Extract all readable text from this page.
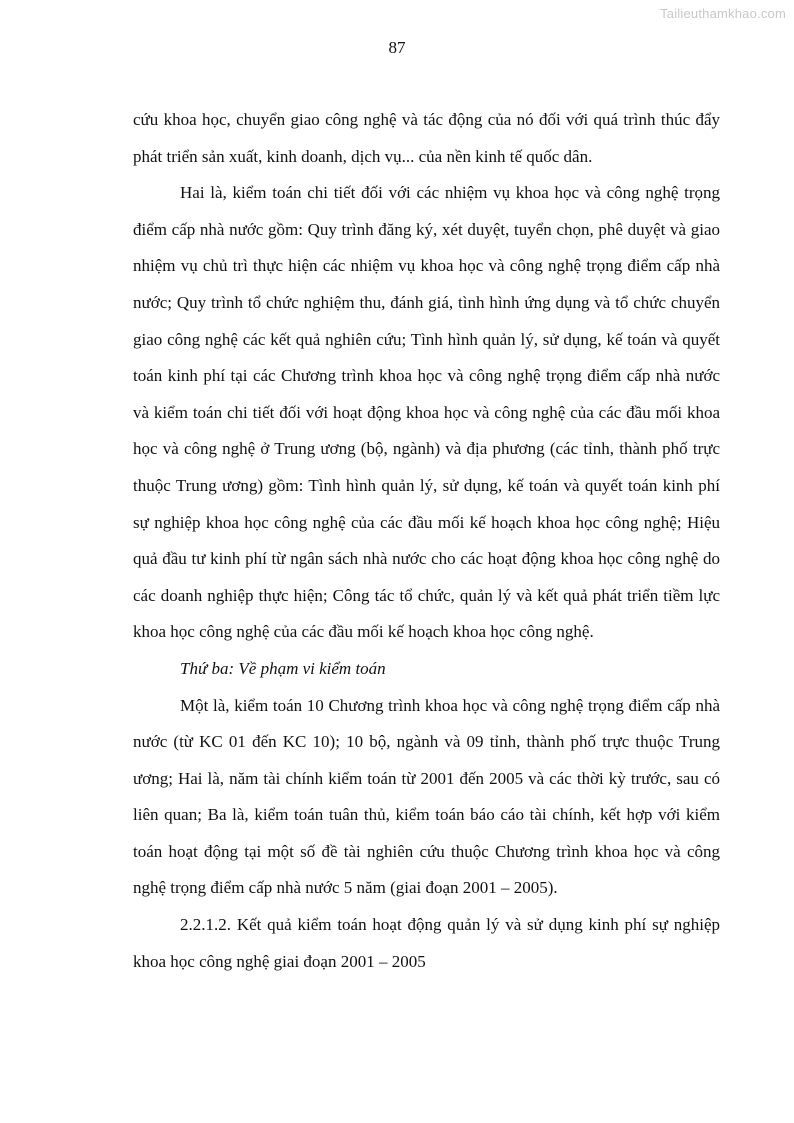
Tailieuthamkhao.com
87

cứu khoa học, chuyển giao công nghệ và tác động của nó đối với quá trình thúc đẩy phát triển sản xuất, kinh doanh, dịch vụ... của nền kinh tế quốc dân.

Hai là, kiểm toán chi tiết đối với các nhiệm vụ khoa học và công nghệ trọng điểm cấp nhà nước gồm: Quy trình đăng ký, xét duyệt, tuyển chọn, phê duyệt và giao nhiệm vụ chủ trì thực hiện các nhiệm vụ khoa học và công nghệ trọng điểm cấp nhà nước; Quy trình tổ chức nghiệm thu, đánh giá, tình hình ứng dụng và tổ chức chuyển giao công nghệ các kết quả nghiên cứu; Tình hình quản lý, sử dụng, kế toán và quyết toán kinh phí tại các Chương trình khoa học và công nghệ trọng điểm cấp nhà nước và kiểm toán chi tiết đối với hoạt động khoa học và công nghệ của các đầu mối khoa học và công nghệ ở Trung ương (bộ, ngành) và địa phương (các tỉnh, thành phố trực thuộc Trung ương) gồm: Tình hình quản lý, sử dụng, kế toán và quyết toán kinh phí sự nghiệp khoa học công nghệ của các đầu mối kế hoạch khoa học công nghệ; Hiệu quả đầu tư kinh phí từ ngân sách nhà nước cho các hoạt động khoa học công nghệ do các doanh nghiệp thực hiện; Công tác tổ chức, quản lý và kết quả phát triển tiềm lực khoa học công nghệ của các đầu mối kế hoạch khoa học công nghệ.

Thứ ba: Về phạm vi kiểm toán

Một là, kiểm toán 10 Chương trình khoa học và công nghệ trọng điểm cấp nhà nước (từ KC 01 đến KC 10); 10 bộ, ngành và 09 tỉnh, thành phố trực thuộc Trung ương; Hai là, năm tài chính kiểm toán từ 2001 đến 2005 và các thời kỳ trước, sau có liên quan; Ba là, kiểm toán tuân thủ, kiểm toán báo cáo tài chính, kết hợp với kiểm toán hoạt động tại một số đề tài nghiên cứu thuộc Chương trình khoa học và công nghệ trọng điểm cấp nhà nước 5 năm (giai đoạn 2001 – 2005).

2.2.1.2. Kết quả kiểm toán hoạt động quản lý và sử dụng kinh phí sự nghiệp khoa học công nghệ giai đoạn 2001 – 2005
